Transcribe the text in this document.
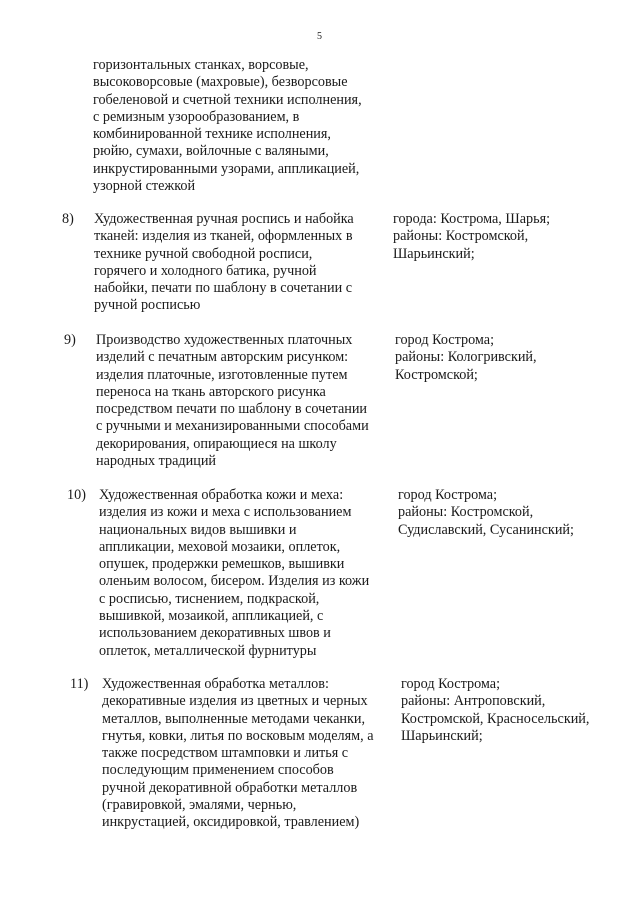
5
горизонтальных станках, ворсовые,
высоковорсовые (махровые), безворсовые
гобеленовой и счетной техники исполнения,
с ремизным узорообразованием, в
комбинированной технике исполнения,
рюйю, сумахи, войлочные с валяными,
инкрустированными узорами, аппликацией,
узорной стежкой
8) Художественная ручная роспись и набойка
тканей: изделия из тканей, оформленных в
технике ручной свободной росписи,
горячего и холодного батика, ручной
набойки, печати по шаблону в сочетании с
ручной росписью
города: Кострома, Шарья;
районы: Костромской,
Шарьинский;
9) Производство художественных платочных
изделий с печатным авторским рисунком:
изделия платочные, изготовленные путем
переноса на ткань авторского рисунка
посредством печати по шаблону в сочетании
с ручными и механизированными способами
декорирования, опирающиеся на школу
народных традиций
город Кострома;
районы: Кологривский,
Костромской;
10) Художественная обработка кожи и меха:
изделия из кожи и меха с использованием
национальных видов вышивки и
аппликации, меховой мозаики, оплеток,
опушек, продержки ремешков, вышивки
оленьим волосом, бисером. Изделия из кожи
с росписью, тиснением, подкраской,
вышивкой, мозаикой, аппликацией, с
использованием декоративных швов и
оплеток, металлической фурнитуры
город Кострома;
районы: Костромской,
Судиславский, Сусанинский;
11) Художественная обработка металлов:
декоративные изделия из цветных и черных
металлов, выполненные методами чеканки,
гнутья, ковки, литья по восковым моделям, а
также посредством штамповки и литья с
последующим применением способов
ручной декоративной обработки металлов
(гравировкой, эмалями, чернью,
инкрустацией, оксидировкой, травлением)
город Кострома;
районы: Антроповский,
Костромской, Красносельский,
Шарьинский;
